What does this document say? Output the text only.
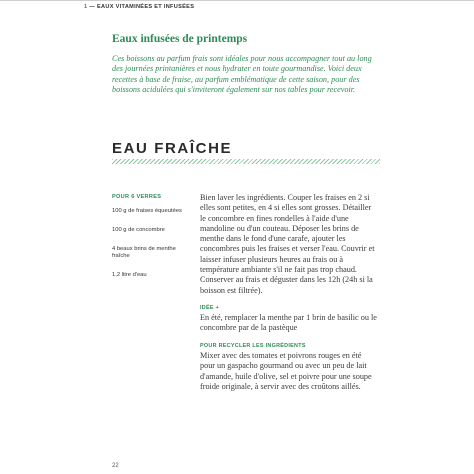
1 — EAUX VITAMINÉES ET INFUSÉES
Eaux infusées de printemps

Ces boissons au parfum frais sont idéales pour nous accompagner tout au long des journées printanières et nous hydrater en toute gourmandise. Voici deux recettes à base de fraise, au parfum emblématique de cette saison, pour des boissons acidulées qui s'inviteront également sur nos tables pour recevoir.

EAU FRAÎCHE
POUR 6 VERRES
100 g de fraises équeutées
100 g de concombre
4 beaux brins de menthe fraîche
1,2 litre d'eau

Bien laver les ingrédients. Couper les fraises en 2 si elles sont petites, en 4 si elles sont grosses. Détailler le concombre en fines rondelles à l'aide d'une mandoline ou d'un couteau. Déposer les brins de menthe dans le fond d'une carafe, ajouter les concombres puis les fraises et verser l'eau. Couvrir et laisser infuser plusieurs heures au frais ou à température ambiante s'il ne fait pas trop chaud. Conserver au frais et déguster dans les 12h (24h si la boisson est filtrée).

IDÉE +

En été, remplacer la menthe par 1 brin de basilic ou le concombre par de la pastèque

POUR RECYCLER LES INGRÉDIENTS

Mixer avec des tomates et poivrons rouges en été pour un gaspacho gourmand ou avec un peu de lait d'amande, huile d'olive, sel et poivre pour une soupe froide originale, à servir avec des croûtons aillés.

22
